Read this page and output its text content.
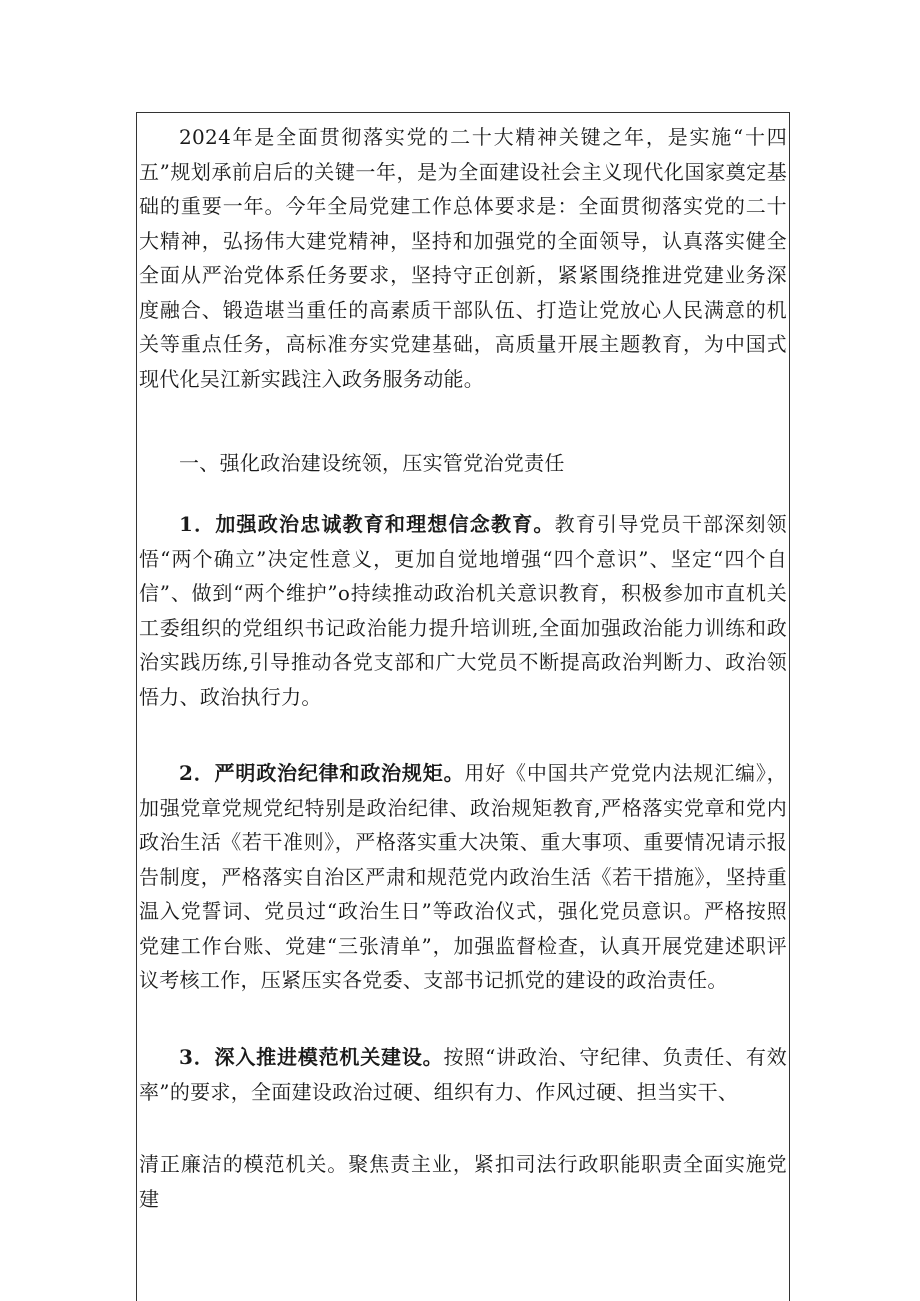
2024年是全面贯彻落实党的二十大精神关键之年，是实施“十四五”规划承前启后的关键一年，是为全面建设社会主义现代化国家奠定基础的重要一年。今年全局党建工作总体要求是：全面贯彻落实党的二十大精神，弘扬伟大建党精神，坚持和加强党的全面领导，认真落实健全全面从严治党体系任务要求，坚持守正创新，紧紧围绕推进党建业务深度融合、锻造堪当重任的高素质干部队伍、打造让党放心人民满意的机关等重点任务，高标准夯实党建基础，高质量开展主题教育，为中国式现代化吴江新实践注入政务服务动能。

一、强化政治建设统领，压实管党治党责任

1．加强政治忠诚教育和理想信念教育。教育引导党员干部深刻领悟“两个确立”决定性意义，更加自觉地增强“四个意识”、坚定“四个自信”、做到“两个维护”o持续推动政治机关意识教育，积极参加市直机关工委组织的党组织书记政治能力提升培训班,全面加强政治能力训练和政治实践历练,引导推动各党支部和广大党员不断提高政治判断力、政治领悟力、政治执行力。

2．严明政治纪律和政治规矩。用好《中国共产党党内法规汇编》，加强党章党规党纪特别是政治纪律、政治规矩教育,严格落实党章和党内政治生活《若干准则》，严格落实重大决策、重大事项、重要情况请示报告制度，严格落实自治区严肃和规范党内政治生活《若干措施》，坚持重温入党誓词、党员过“政治生日”等政治仪式，强化党员意识。严格按照党建工作台账、党建“三张清单”，加强监督检查，认真开展党建述职评议考核工作，压紧压实各党委、支部书记抓党的建设的政治责任。

3．深入推进模范机关建设。按照“讲政治、守纪律、负责任、有效率”的要求，全面建设政治过硬、组织有力、作风过硬、担当实干、

清正廉洁的模范机关。聚焦责主业，紧扣司法行政职能职责全面实施党建
